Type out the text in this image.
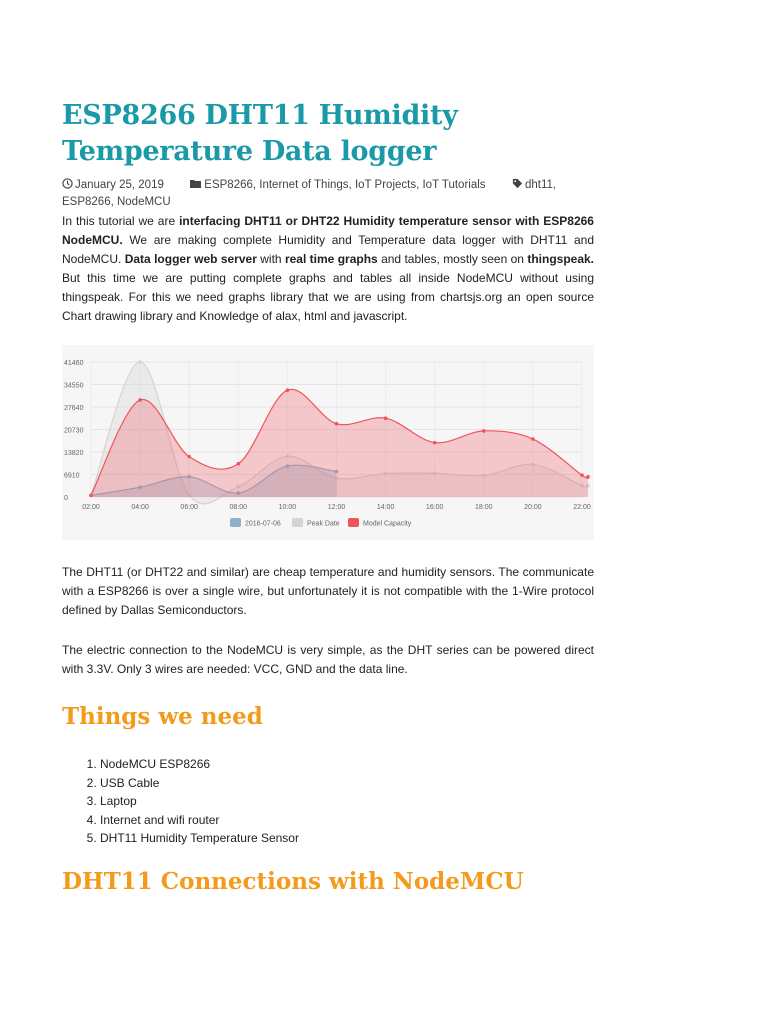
ESP8266 DHT11 Humidity Temperature Data logger
January 25, 2019	ESP8266, Internet of Things, IoT Projects, IoT Tutorials	dht11,
ESP8266, NodeMCU

In this tutorial we are interfacing DHT11 or DHT22 Humidity temperature sensor with ESP8266 NodeMCU. We are making complete Humidity and Temperature data logger with DHT11 and NodeMCU. Data logger web server with real time graphs and tables, mostly seen on thingspeak. But this time we are putting complete graphs and tables all inside NodeMCU without using thingspeak. For this we need graphs library that we are using from chartsjs.org an open source Chart drawing library and Knowledge of alax, html and javascript.

0
6910
13820
20730
27640
34550
41460
02:00	04:00	06:00	08:00	10:00	12:00	14:00	16:00	18:00	20:00	22:00
2016-07-06	Peak Date	Model Capacity

The DHT11 (or DHT22 and similar) are cheap temperature and humidity sensors. The communicate with a ESP8266 is over a single wire, but unfortunately it is not compatible with the 1-Wire protocol defined by Dallas Semiconductors.

The electric connection to the NodeMCU is very simple, as the DHT series can be powered direct with 3.3V. Only 3 wires are needed: VCC, GND and the data line.

Things we need
1. NodeMCU ESP8266
2. USB Cable
3. Laptop
4. Internet and wifi router
5. DHT11 Humidity Temperature Sensor
DHT11 Connections with NodeMCU
